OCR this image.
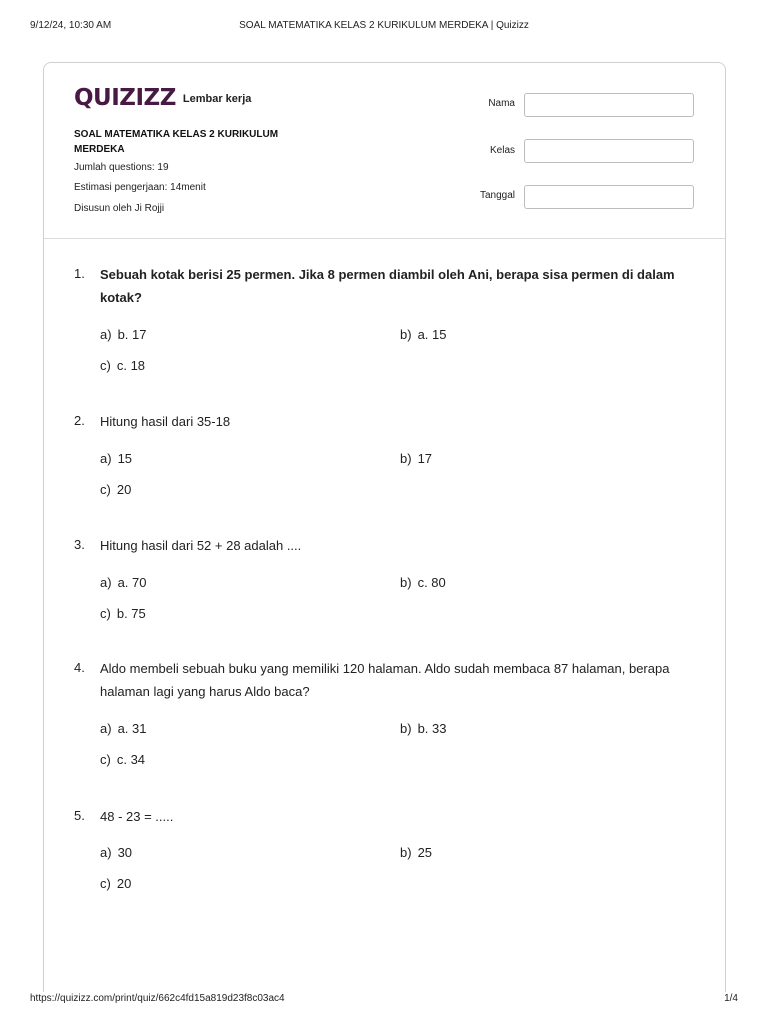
9/12/24, 10:30 AM	SOAL MATEMATIKA KELAS 2 KURIKULUM MERDEKA | Quizizz
QUIZIZZ Lembar kerja
SOAL MATEMATIKA KELAS 2 KURIKULUM MERDEKA
Jumlah questions: 19
Estimasi pengerjaan: 14menit
Disusun oleh Ji Rojji
Nama
Kelas
Tanggal
1. Sebuah kotak berisi 25 permen. Jika 8 permen diambil oleh Ani, berapa sisa permen di dalam kotak?
a) b. 17	b) a. 15
c) c. 18
2. Hitung hasil dari 35-18
a) 15	b) 17
c) 20
3. Hitung hasil dari 52 + 28 adalah ....
a) a. 70	b) c. 80
c) b. 75
4. Aldo membeli sebuah buku yang memiliki 120 halaman. Aldo sudah membaca 87 halaman, berapa halaman lagi yang harus Aldo baca?
a) a. 31	b) b. 33
c) c. 34
5. 48 - 23 = .....
a) 30	b) 25
c) 20
https://quizizz.com/print/quiz/662c4fd15a819d23f8c03ac4	1/4
